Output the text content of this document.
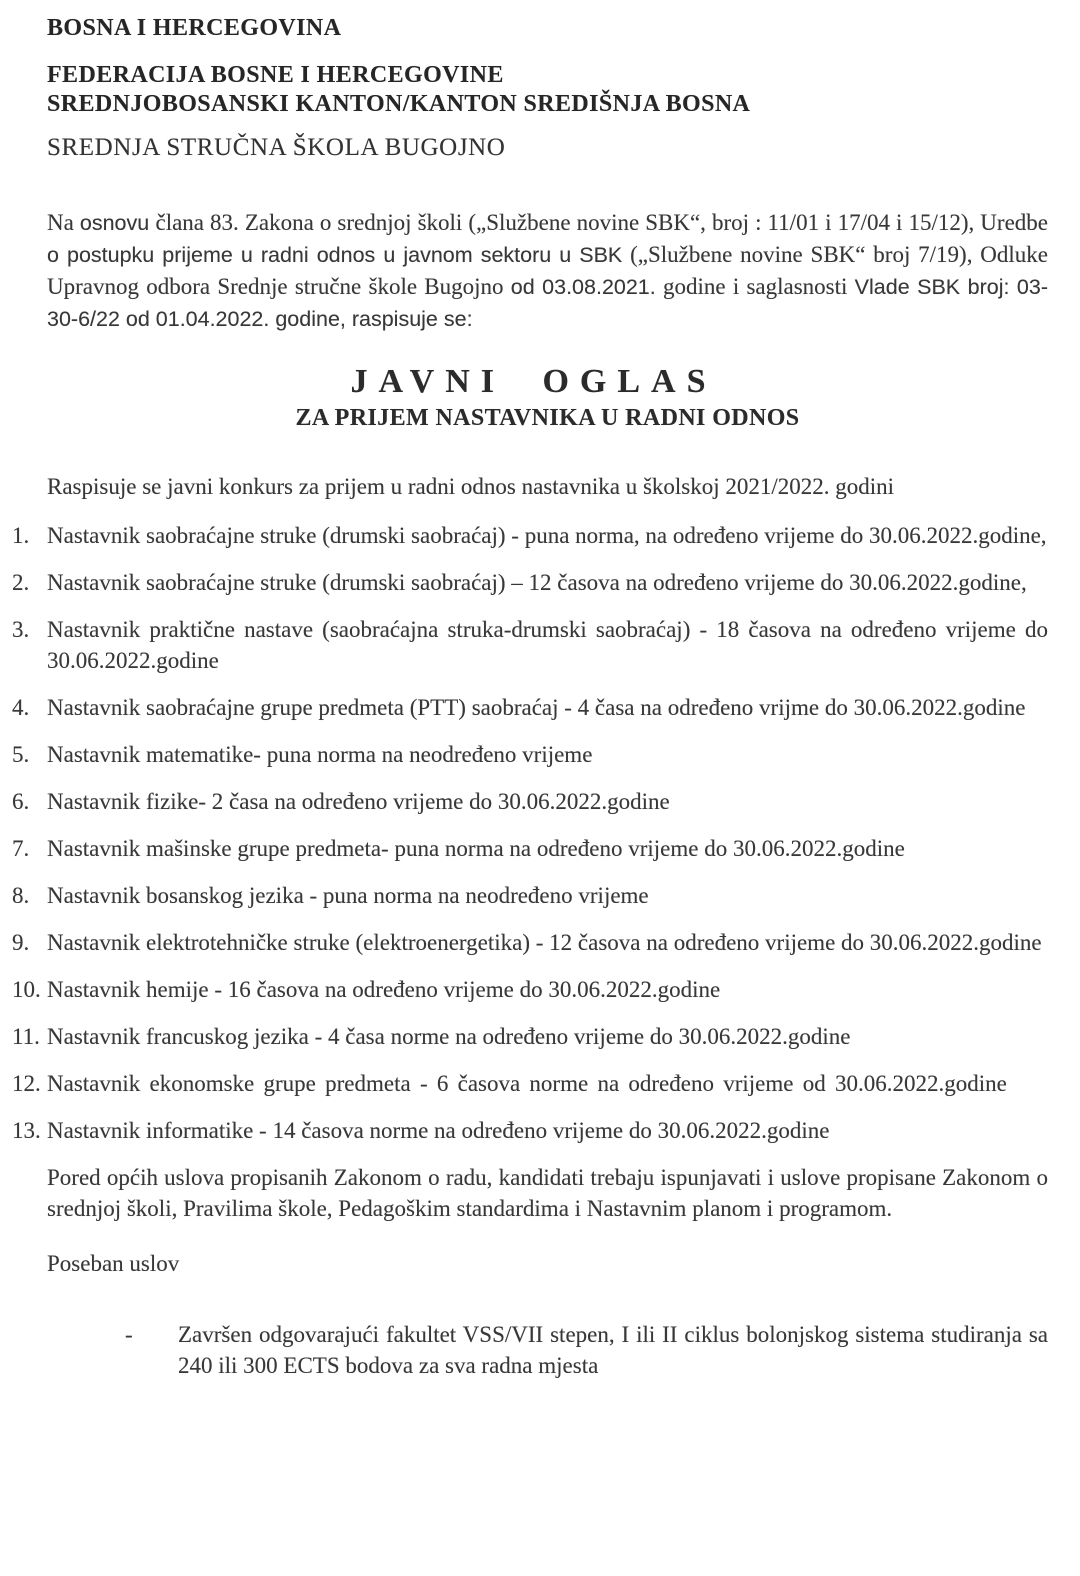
BOSNA I HERCEGOVINA

FEDERACIJA BOSNE I HERCEGOVINE

SREDNJOBOSANSKI KANTON/KANTON SREDIŠNJA BOSNA

SREDNJA STRUČNA ŠKOLA BUGOJNO

Na osnovu člana 83. Zakona o srednjoj školi („Službene novine SBK“, broj : 11/01 i 17/04 i 15/12), Uredbe o postupku prijeme u radni odnos u javnom sektoru u SBK („Službene novine SBK“ broj 7/19), Odluke Upravnog odbora Srednje stručne škole Bugojno od 03.08.2021. godine i saglasnosti Vlade SBK broj: 03-30-6/22 od 01.04.2022. godine, raspisuje se:

JAVNI OGLAS
ZA PRIJEM NASTAVNIKA U RADNI ODNOS

Raspisuje se javni konkurs za prijem u radni odnos nastavnika u školskoj 2021/2022. godini

1. Nastavnik saobraćajne struke (drumski saobraćaj) - puna norma, na određeno vrijeme do 30.06.2022.godine,
2. Nastavnik saobraćajne struke (drumski saobraćaj) – 12 časova na određeno vrijeme do 30.06.2022.godine,
3. Nastavnik praktične nastave (saobraćajna struka-drumski saobraćaj) - 18 časova na određeno vrijeme do 30.06.2022.godine
4. Nastavnik saobraćajne grupe predmeta (PTT) saobraćaj - 4 časa na određeno vrijme do 30.06.2022.godine
5. Nastavnik matematike- puna norma na neodređeno vrijeme
6. Nastavnik fizike- 2 časa na određeno vrijeme do 30.06.2022.godine
7. Nastavnik mašinske grupe predmeta- puna norma na određeno vrijeme do 30.06.2022.godine
8. Nastavnik bosanskog jezika - puna norma na neodređeno vrijeme
9. Nastavnik elektrotehničke struke (elektroenergetika) - 12 časova na određeno vrijeme do 30.06.2022.godine
10. Nastavnik hemije - 16 časova na određeno vrijeme do 30.06.2022.godine
11. Nastavnik francuskog jezika - 4 časa norme na određeno vrijeme do 30.06.2022.godine
12. Nastavnik ekonomske grupe predmeta - 6 časova norme na određeno vrijeme od 30.06.2022.godine
13. Nastavnik informatike - 14 časova norme na određeno vrijeme do 30.06.2022.godine

Pored općih uslova propisanih Zakonom o radu, kandidati trebaju ispunjavati i uslove propisane Zakonom o srednjoj školi, Pravilima škole, Pedagoškim standardima i Nastavnim planom i programom.

Poseban uslov

-	Završen odgovarajući fakultet VSS/VII stepen, I ili II ciklus bolonjskog sistema studiranja sa 240 ili 300 ECTS bodova za sva radna mjesta
